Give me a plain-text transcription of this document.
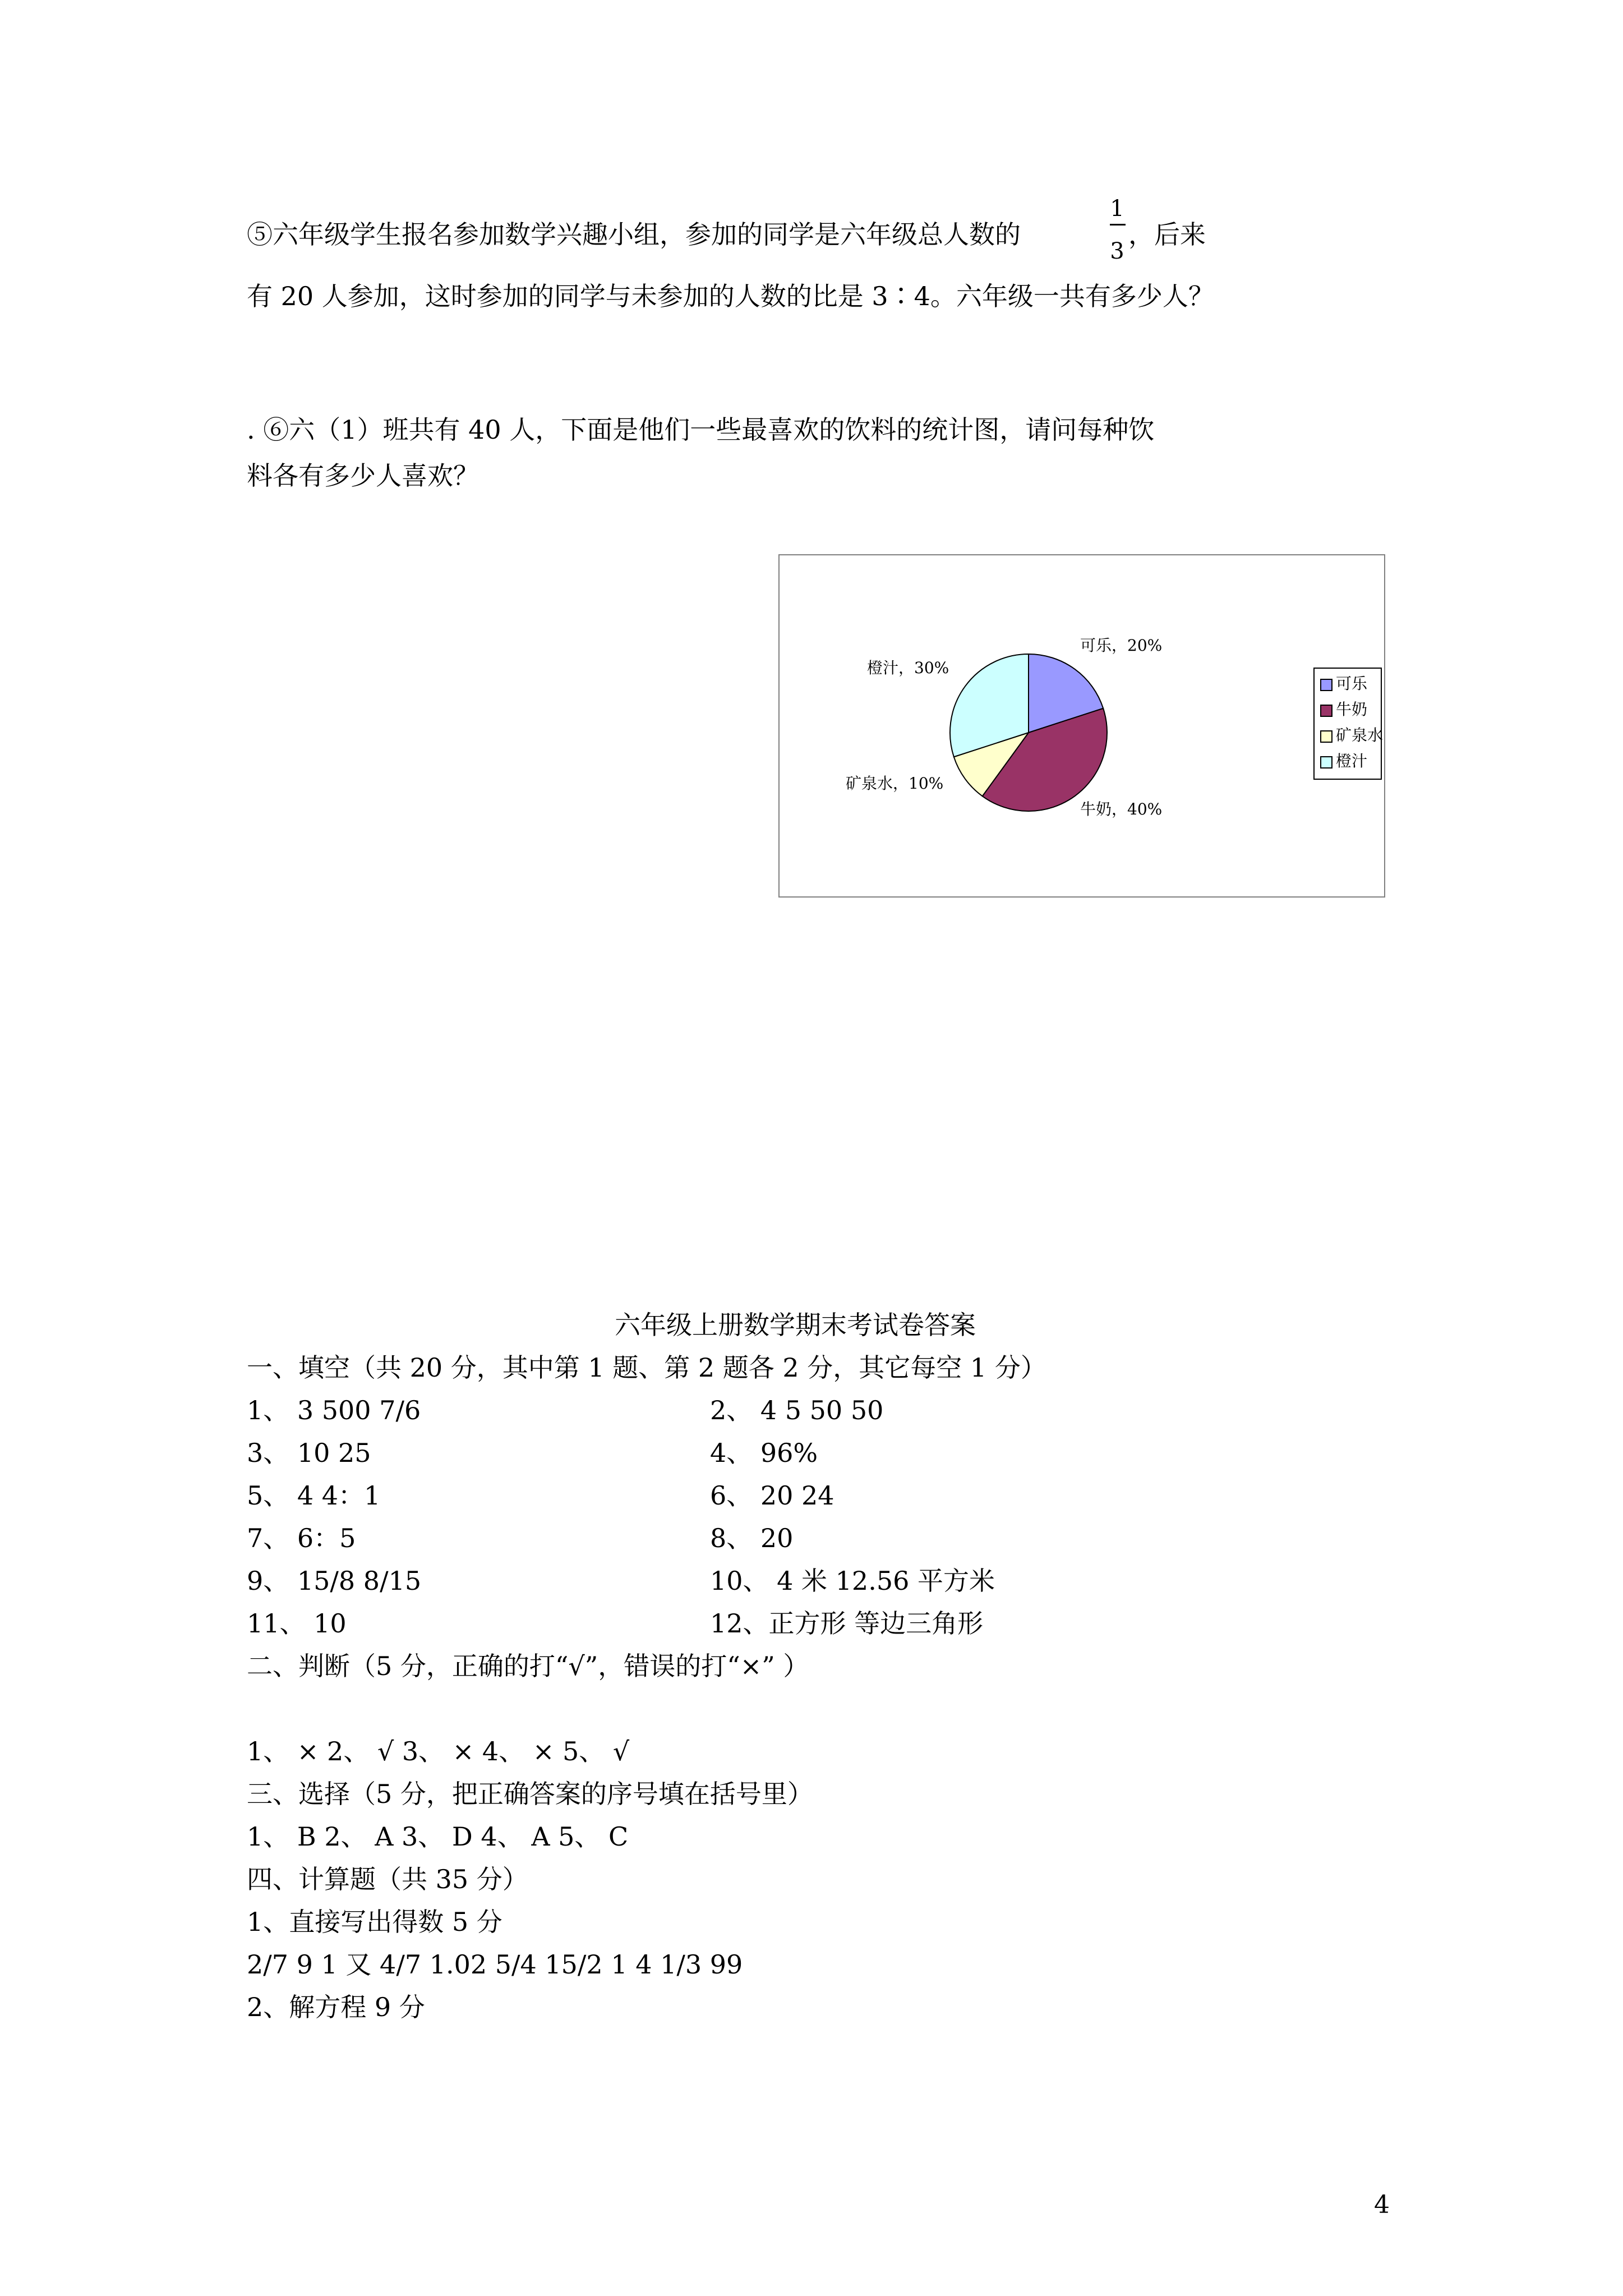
⑤六年级学生报名参加数学兴趣小组，参加的同学是六年级总人数的
1
3
，后来
有 20 人参加，这时参加的同学与未参加的人数的比是 3∶4。六年级一共有多少人？
. ⑥六（1）班共有 40 人，下面是他们一些最喜欢的饮料的统计图，请问每种饮
料各有多少人喜欢？
可乐，20%
牛奶，40%
矿泉水，10%
橙汁，30%
可乐
牛奶
矿泉水
橙汁
六年级上册数学期末考试卷答案
一、填空（共 20 分，其中第 1 题、第 2 题各 2 分，其它每空 1 分）
1、 3 500 7/6	2、 4 5 50 50
3、 10 25	4、 96%
5、 4 4：1	6、 20 24
7、 6：5	8、 20
9、 15/8 8/15	10、 4 米 12.56 平方米
11、 10	12、正方形 等边三角形
二、判断（5 分，正确的打“√”，错误的打“×” ）
1、 × 2、 √ 3、 × 4、 × 5、 √
三、选择（5 分，把正确答案的序号填在括号里）
1、 B 2、 A 3、 D 4、 A 5、 C
四、计算题（共 35 分）
1、直接写出得数 5 分
2/7 9 1 又 4/7 1.02 5/4 15/2 1 4 1/3 99
2、解方程 9 分
4
